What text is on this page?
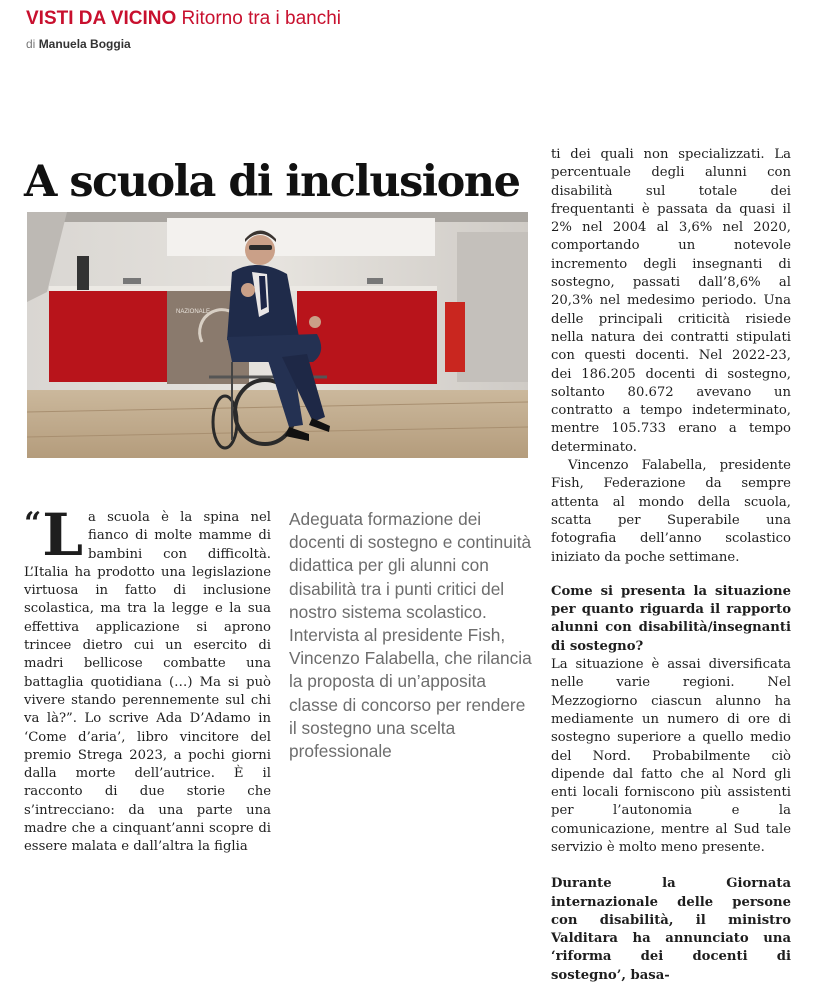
VISTI DA VICINO Ritorno tra i banchi
di Manuela Boggia
A scuola di inclusione
NAZIONALE
“ L a scuola è la spina nel fianco di molte mamme di bambini con difficoltà. L’Italia ha prodotto una legislazione virtuosa in fatto di inclusione scolastica, ma tra la legge e la sua effettiva applicazione si aprono trincee dietro cui un esercito di madri bellicose combatte una battaglia quotidiana (…) Ma si può vivere stando perennemente sul chi va là?”. Lo scrive Ada D’Adamo in ‘Come d’aria’, libro vincitore del premio Strega 2023, a pochi giorni dalla morte dell’autrice. È il racconto di due storie che s’intrecciano: da una parte una madre che a cinquant’anni scopre di essere malata e dall’altra la figlia
Adeguata formazione dei docenti di sostegno e continuità didattica per gli alunni con disabilità tra i punti critici del nostro sistema scolastico. Intervista al presidente Fish, Vincenzo Falabella, che rilancia la proposta di un’apposita classe di concorso per rendere il sostegno una scelta professionale

ti dei quali non specializzati. La percentuale degli alunni con disabilità sul totale dei frequentanti è passata da quasi il 2% nel 2004 al 3,6% nel 2020, comportando un notevole incremento degli insegnanti di sostegno, passati dall’8,6% al 20,3% nel medesimo periodo. Una delle principali criticità risiede nella natura dei contratti stipulati con questi docenti. Nel 2022-23, dei 186.205 docenti di sostegno, soltanto 80.672 avevano un contratto a tempo indeterminato, mentre 105.733 erano a tempo determinato.

Vincenzo Falabella, presidente Fish, Federazione da sempre attenta al mondo della scuola, scatta per Superabile una fotografia dell’anno scolastico iniziato da poche settimane.

Come si presenta la situazione per quanto riguarda il rapporto alunni con disabilità/insegnanti di sostegno?

La situazione è assai diversificata nelle varie regioni. Nel Mezzogiorno ciascun alunno ha mediamente un numero di ore di sostegno superiore a quello medio del Nord. Probabilmente ciò dipende dal fatto che al Nord gli enti locali forniscono più assistenti per l’autonomia e la comunicazione, mentre al Sud tale servizio è molto meno presente.

Durante la Giornata internazionale delle persone con disabilità, il ministro Valditara ha annunciato una ‘riforma dei docenti di sostegno’, basa-
